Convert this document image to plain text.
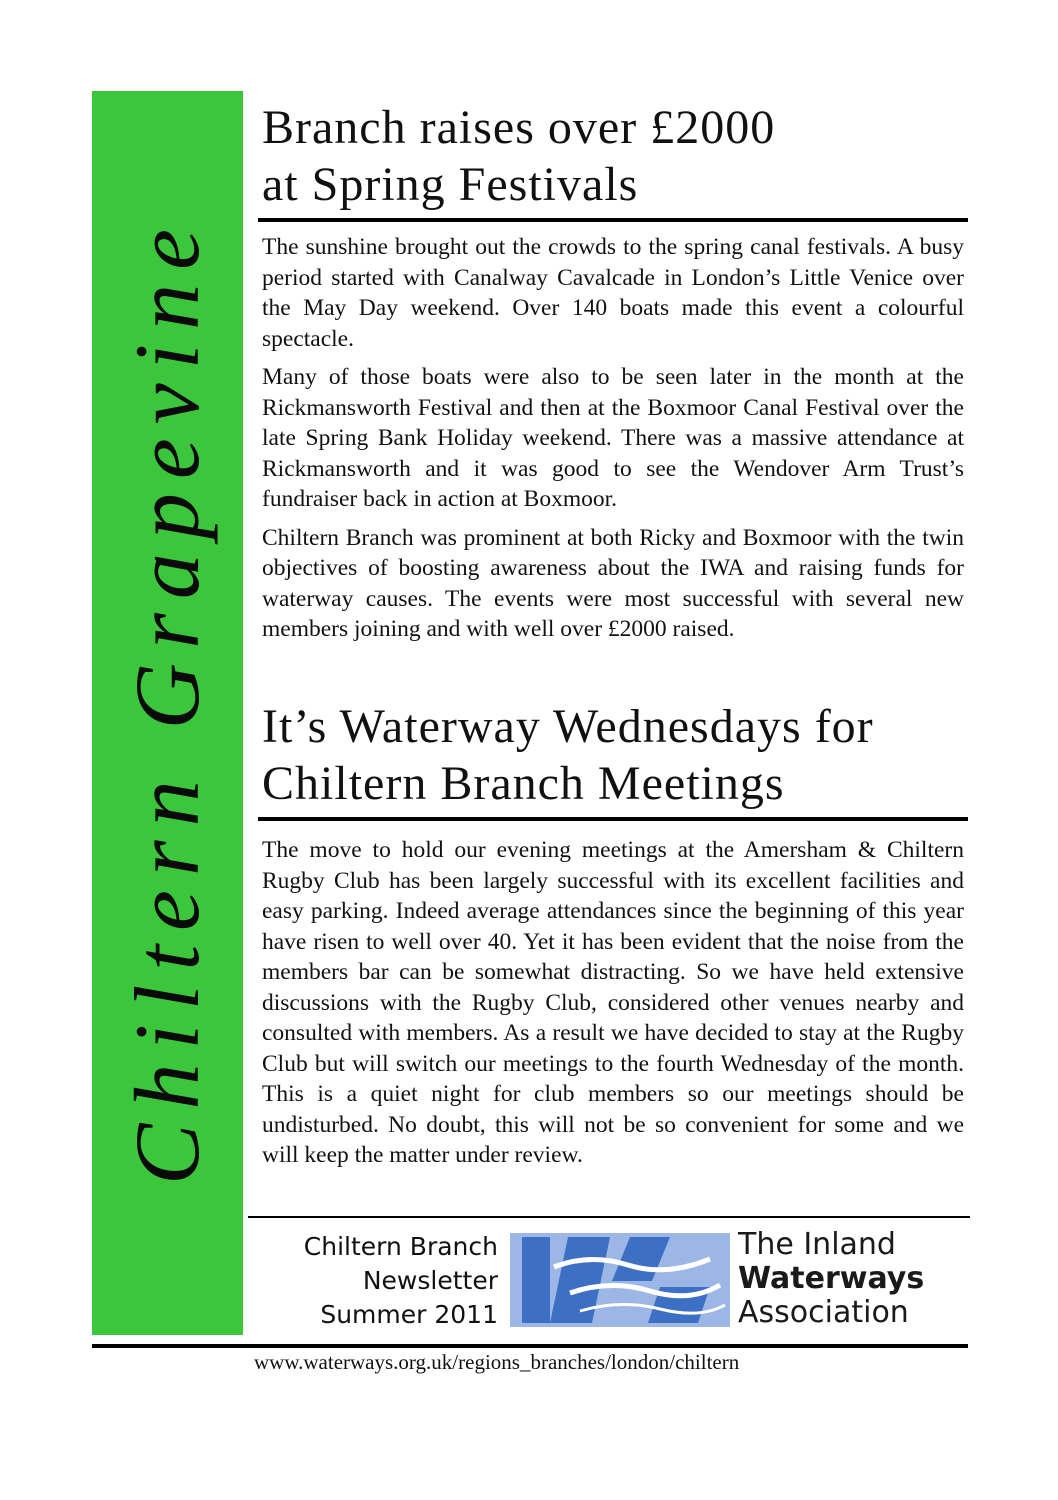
Chiltern Grapevine
Branch raises over £2000
at Spring Festivals

The sunshine brought out the crowds to the spring canal festivals. A busy period started with Canalway Cavalcade in London’s Little Venice over the May Day weekend. Over 140 boats made this event a colourful spectacle.

Many of those boats were also to be seen later in the month at the Rickmansworth Festival and then at the Boxmoor Canal Festival over the late Spring Bank Holiday weekend. There was a massive attendance at Rickmansworth and it was good to see the Wendover Arm Trust’s fundraiser back in action at Boxmoor.

Chiltern Branch was prominent at both Ricky and Boxmoor with the twin objectives of boosting awareness about the IWA and raising funds for waterway causes. The events were most successful with several new members joining and with well over £2000 raised.

It’s Waterway Wednesdays for
Chiltern Branch Meetings

The move to hold our evening meetings at the Amersham & Chiltern Rugby Club has been largely successful with its excellent facilities and easy parking. Indeed average attendances since the beginning of this year have risen to well over 40. Yet it has been evident that the noise from the members bar can be somewhat distracting. So we have held extensive discussions with the Rugby Club, considered other venues nearby and consulted with members. As a result we have decided to stay at the Rugby Club but will switch our meetings to the fourth Wednesday of the month. This is a quiet night for club members so our meetings should be undisturbed. No doubt, this will not be so convenient for some and we will keep the matter under review.

Chiltern Branch
Newsletter
Summer 2011
The Inland
Waterways
Association
www.waterways.org.uk/regions_branches/london/chiltern
